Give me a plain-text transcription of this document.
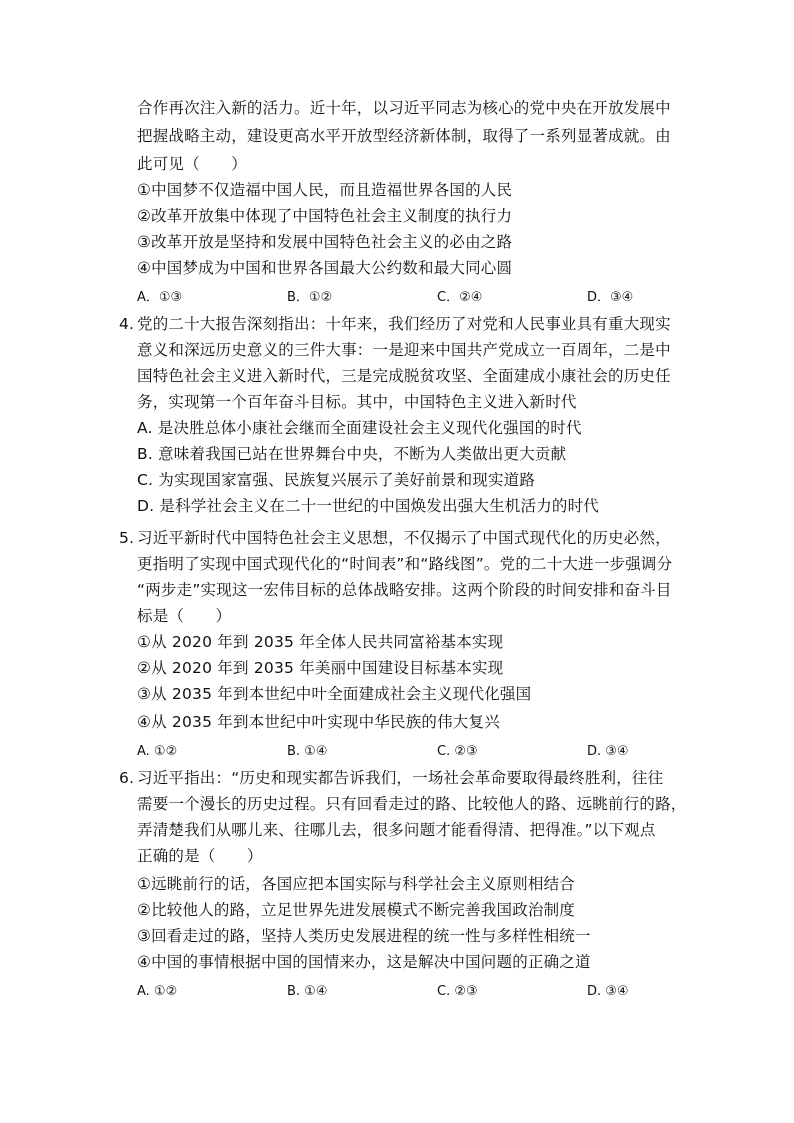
合作再次注入新的活力。近十年，以习近平同志为核心的党中央在开放发展中
把握战略主动，建设更高水平开放型经济新体制，取得了一系列显著成就。由
此可见（　　）
①中国梦不仅造福中国人民，而且造福世界各国的人民
②改革开放集中体现了中国特色社会主义制度的执行力
③改革开放是坚持和发展中国特色社会主义的必由之路
④中国梦成为中国和世界各国最大公约数和最大同心圆
A．①③	B．①②	C．②④	D．③④
4. 党的二十大报告深刻指出：十年来，我们经历了对党和人民事业具有重大现实
意义和深远历史意义的三件大事：一是迎来中国共产党成立一百周年，二是中
国特色社会主义进入新时代，三是完成脱贫攻坚、全面建成小康社会的历史任
务，实现第一个百年奋斗目标。其中，中国特色主义进入新时代
A. 是决胜总体小康社会继而全面建设社会主义现代化强国的时代
B. 意味着我国已站在世界舞台中央，不断为人类做出更大贡献
C. 为实现国家富强、民族复兴展示了美好前景和现实道路
D. 是科学社会主义在二十一世纪的中国焕发出强大生机活力的时代
5. 习近平新时代中国特色社会主义思想，不仅揭示了中国式现代化的历史必然，
更指明了实现中国式现代化的“时间表”和“路线图”。党的二十大进一步强调分
“两步走”实现这一宏伟目标的总体战略安排。这两个阶段的时间安排和奋斗目
标是（　　）
①从 2020 年到 2035 年全体人民共同富裕基本实现
②从 2020 年到 2035 年美丽中国建设目标基本实现
③从 2035 年到本世纪中叶全面建成社会主义现代化强国
④从 2035 年到本世纪中叶实现中华民族的伟大复兴
A. ①②	B. ①④	C. ②③	D. ③④
6. 习近平指出：“历史和现实都告诉我们，一场社会革命要取得最终胜利，往往
需要一个漫长的历史过程。只有回看走过的路、比较他人的路、远眺前行的路，
弄清楚我们从哪儿来、往哪儿去，很多问题才能看得清、把得准。”以下观点
正确的是（　　）
①远眺前行的话，各国应把本国实际与科学社会主义原则相结合
②比较他人的路，立足世界先进发展模式不断完善我国政治制度
③回看走过的路，坚持人类历史发展进程的统一性与多样性相统一
④中国的事情根据中国的国情来办，这是解决中国问题的正确之道
A. ①②	B. ①④	C. ②③	D. ③④
